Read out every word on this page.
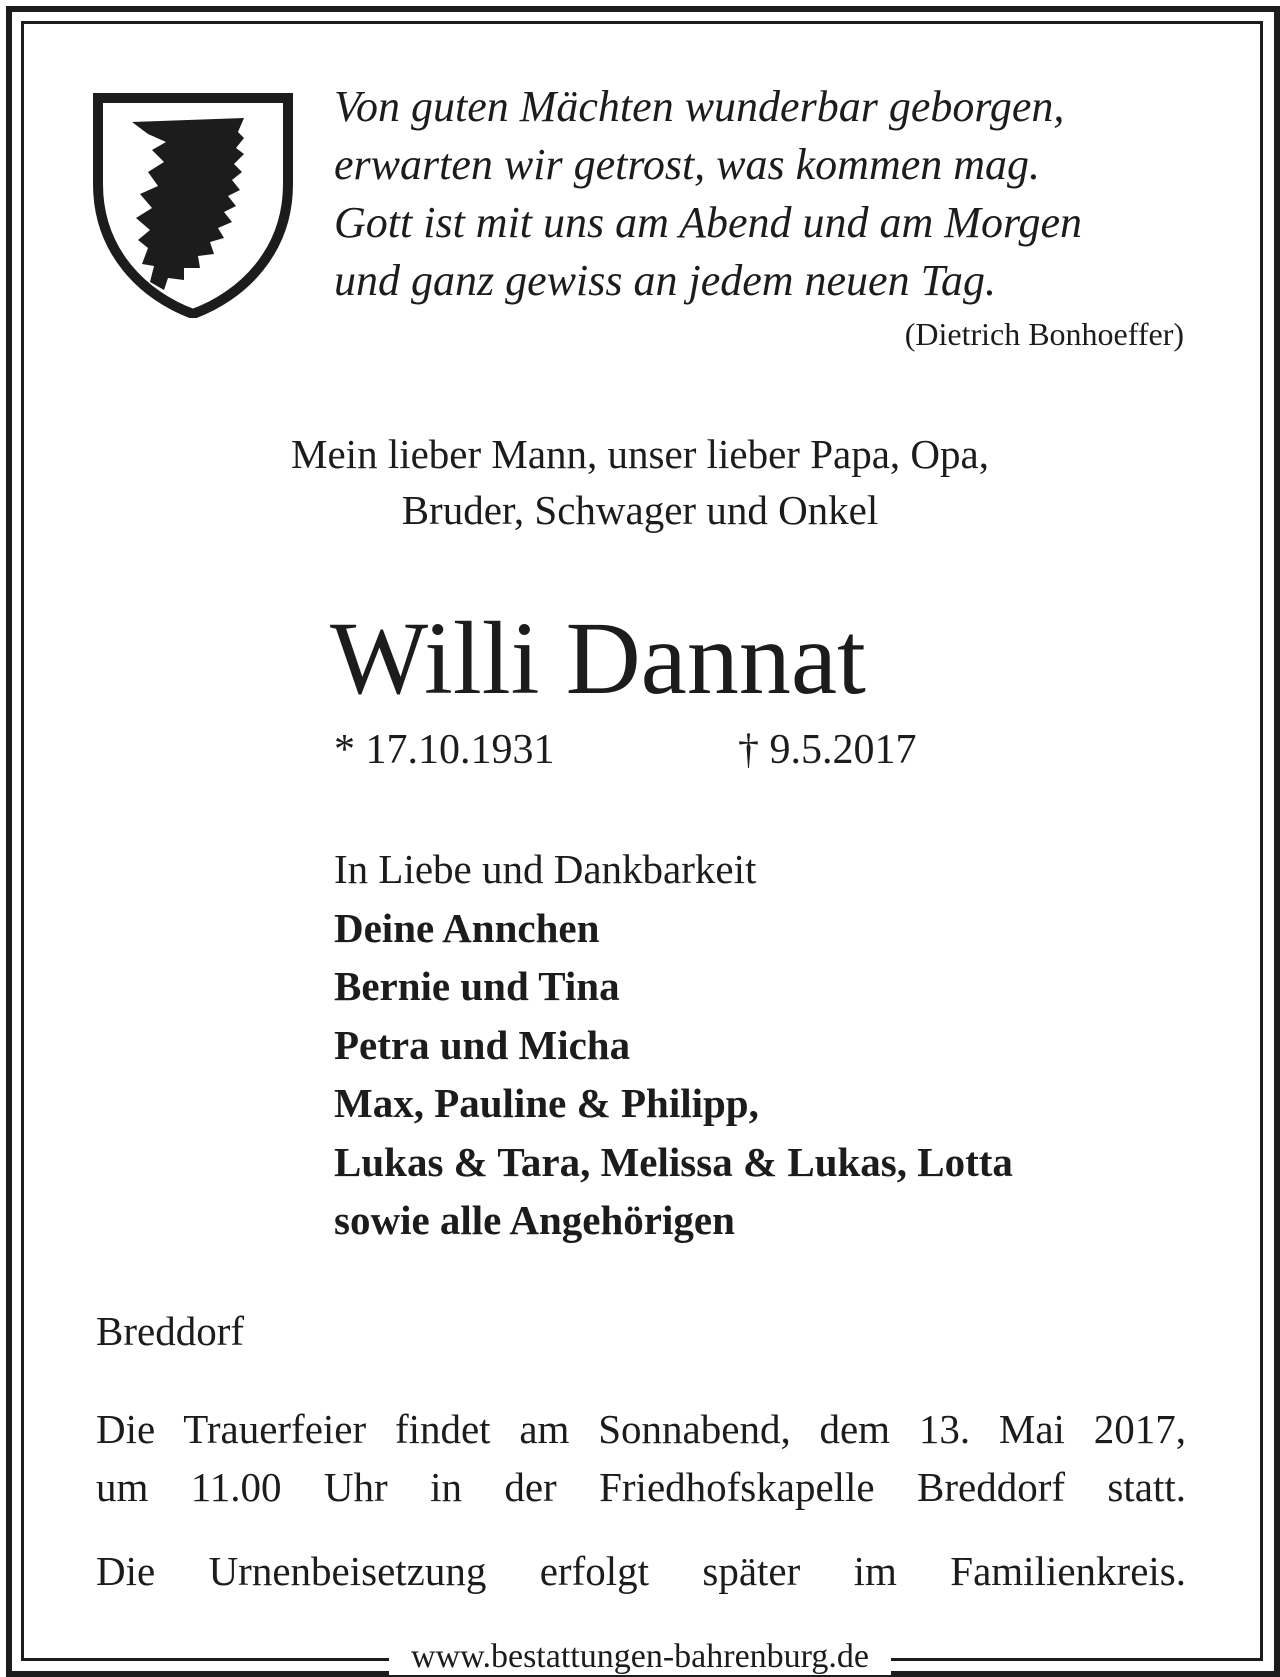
www.bestattungen-bahrenburg.de
Von guten Mächten wunderbar geborgen,
erwarten wir getrost, was kommen mag.
Gott ist mit uns am Abend und am Morgen
und ganz gewiss an jedem neuen Tag.
(Dietrich Bonhoeffer)
Mein lieber Mann, unser lieber Papa, Opa,
Bruder, Schwager und Onkel
Willi Dannat
* 17.10.1931	† 9.5.2017
In Liebe und Dankbarkeit
Deine Annchen
Bernie und Tina
Petra und Micha
Max, Pauline & Philipp,
Lukas & Tara, Melissa & Lukas, Lotta
sowie alle Angehörigen
Breddorf
Die Trauerfeier findet am Sonnabend, dem 13. Mai 2017,
um 11.00 Uhr in der Friedhofskapelle Breddorf statt.
Die Urnenbeisetzung erfolgt später im Familienkreis.
